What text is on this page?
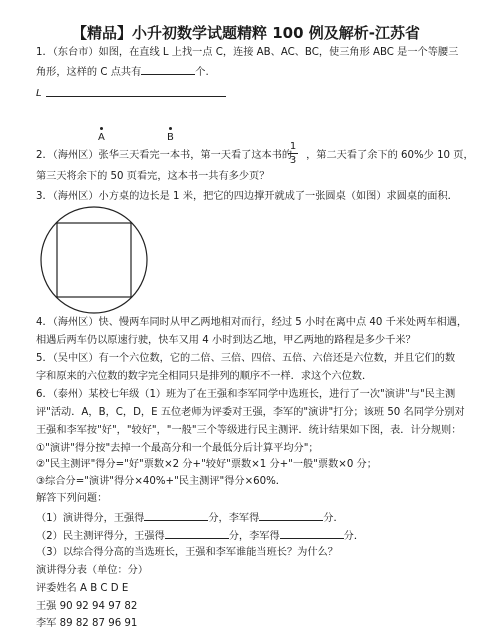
【精品】小升初数学试题精粹 100 例及解析-江苏省
1．（东台市）如图，在直线 L 上找一点 C，连接 AB、AC、BC，使三角形 ABC 是一个等腰三
角形，这样的 C 点共有	个.
L
A	B
2．（海州区）张华三天看完一本书，第一天看了这本书的 ，第二天看了余下的 60%少 10 页，
1
3
第三天将余下的 50 页看完，这本书一共有多少页？
3．（海州区）小方桌的边长是 1 米，把它的四边撑开就成了一张圆桌（如图）求圆桌的面积．
4．（海州区）快、慢两车同时从甲乙两地相对而行，经过 5 小时在离中点 40 千米处两车相遇，
相遇后两车仍以原速行驶，快车又用 4 小时到达乙地，甲乙两地的路程是多少千米？
5．（吴中区）有一个六位数，它的二倍、三倍、四倍、五倍、六倍还是六位数，并且它们的数
字和原来的六位数的数字完全相同只是排列的顺序不一样．求这个六位数．
6．（泰州）某校七年级（1）班为了在王强和李军同学中选班长，进行了一次"演讲"与"民主测
评"活动．A，B，C，D，E 五位老师为评委对王强，李军的"演讲"打分；该班 50 名同学分别对
王强和李军按"好"，"较好"，"一般"三个等级进行民主测评．统计结果如下图，表．计分规则：
①"演讲"得分按"去掉一个最高分和一个最低分后计算平均分"；
②"民主测评"得分="好"票数×2 分+"较好"票数×1 分+"一般"票数×0 分；
③综合分="演讲"得分×40%+"民主测评"得分×60%．
解答下列问题：
（1）演讲得分，王强得	分，李军得	分．
（2）民主测评得分，王强得	分，李军得	分．
（3）以综合得分高的当选班长，王强和李军谁能当班长？为什么？
演讲得分表（单位：分）
评委姓名 A B C D E
王强 90 92 94 97 82
李军 89 82 87 96 91
